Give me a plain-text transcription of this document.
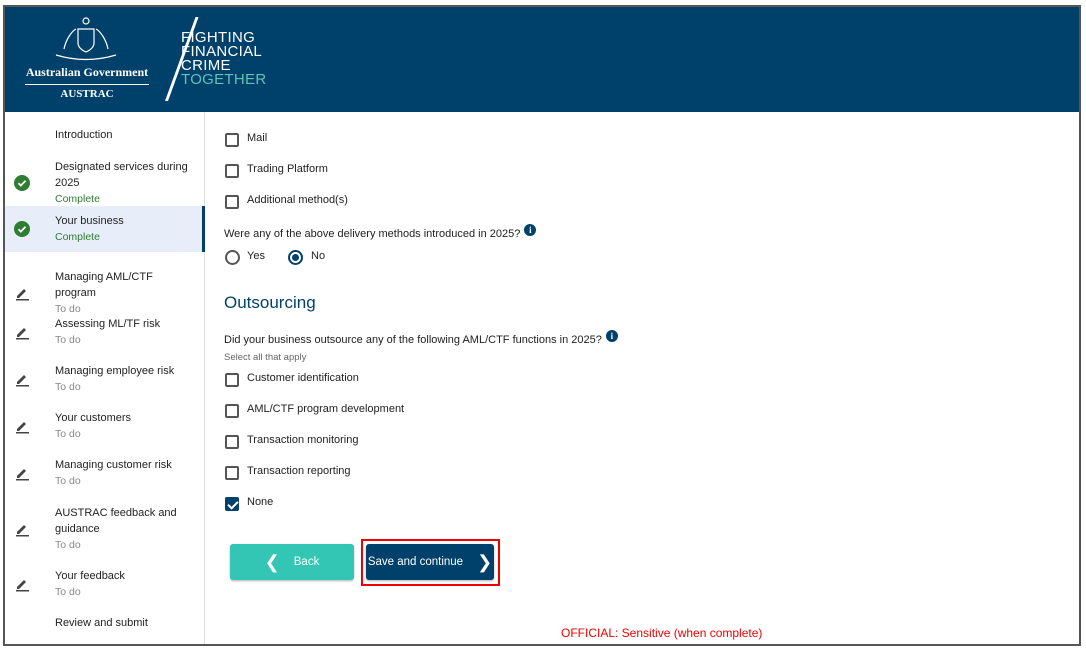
Australian Government
AUSTRAC
FIGHTING
FINANCIAL
CRIME
TOGETHER
Introduction
Designated services during 2025
Complete
Your business
Complete
Managing AML/CTF program
To do
Assessing ML/TF risk
To do
Managing employee risk
To do
Your customers
To do
Managing customer risk
To do
AUSTRAC feedback and guidance
To do
Your feedback
To do
Review and submit
Mail
Trading Platform
Additional method(s)
Were any of the above delivery methods introduced in 2025? i
Yes	No
Outsourcing
Did your business outsource any of the following AML/CTF functions in 2025? i
Select all that apply
Customer identification
AML/CTF program development
Transaction monitoring
Transaction reporting
None
❮ Back	Save and continue ❯
OFFICIAL: Sensitive (when complete)
